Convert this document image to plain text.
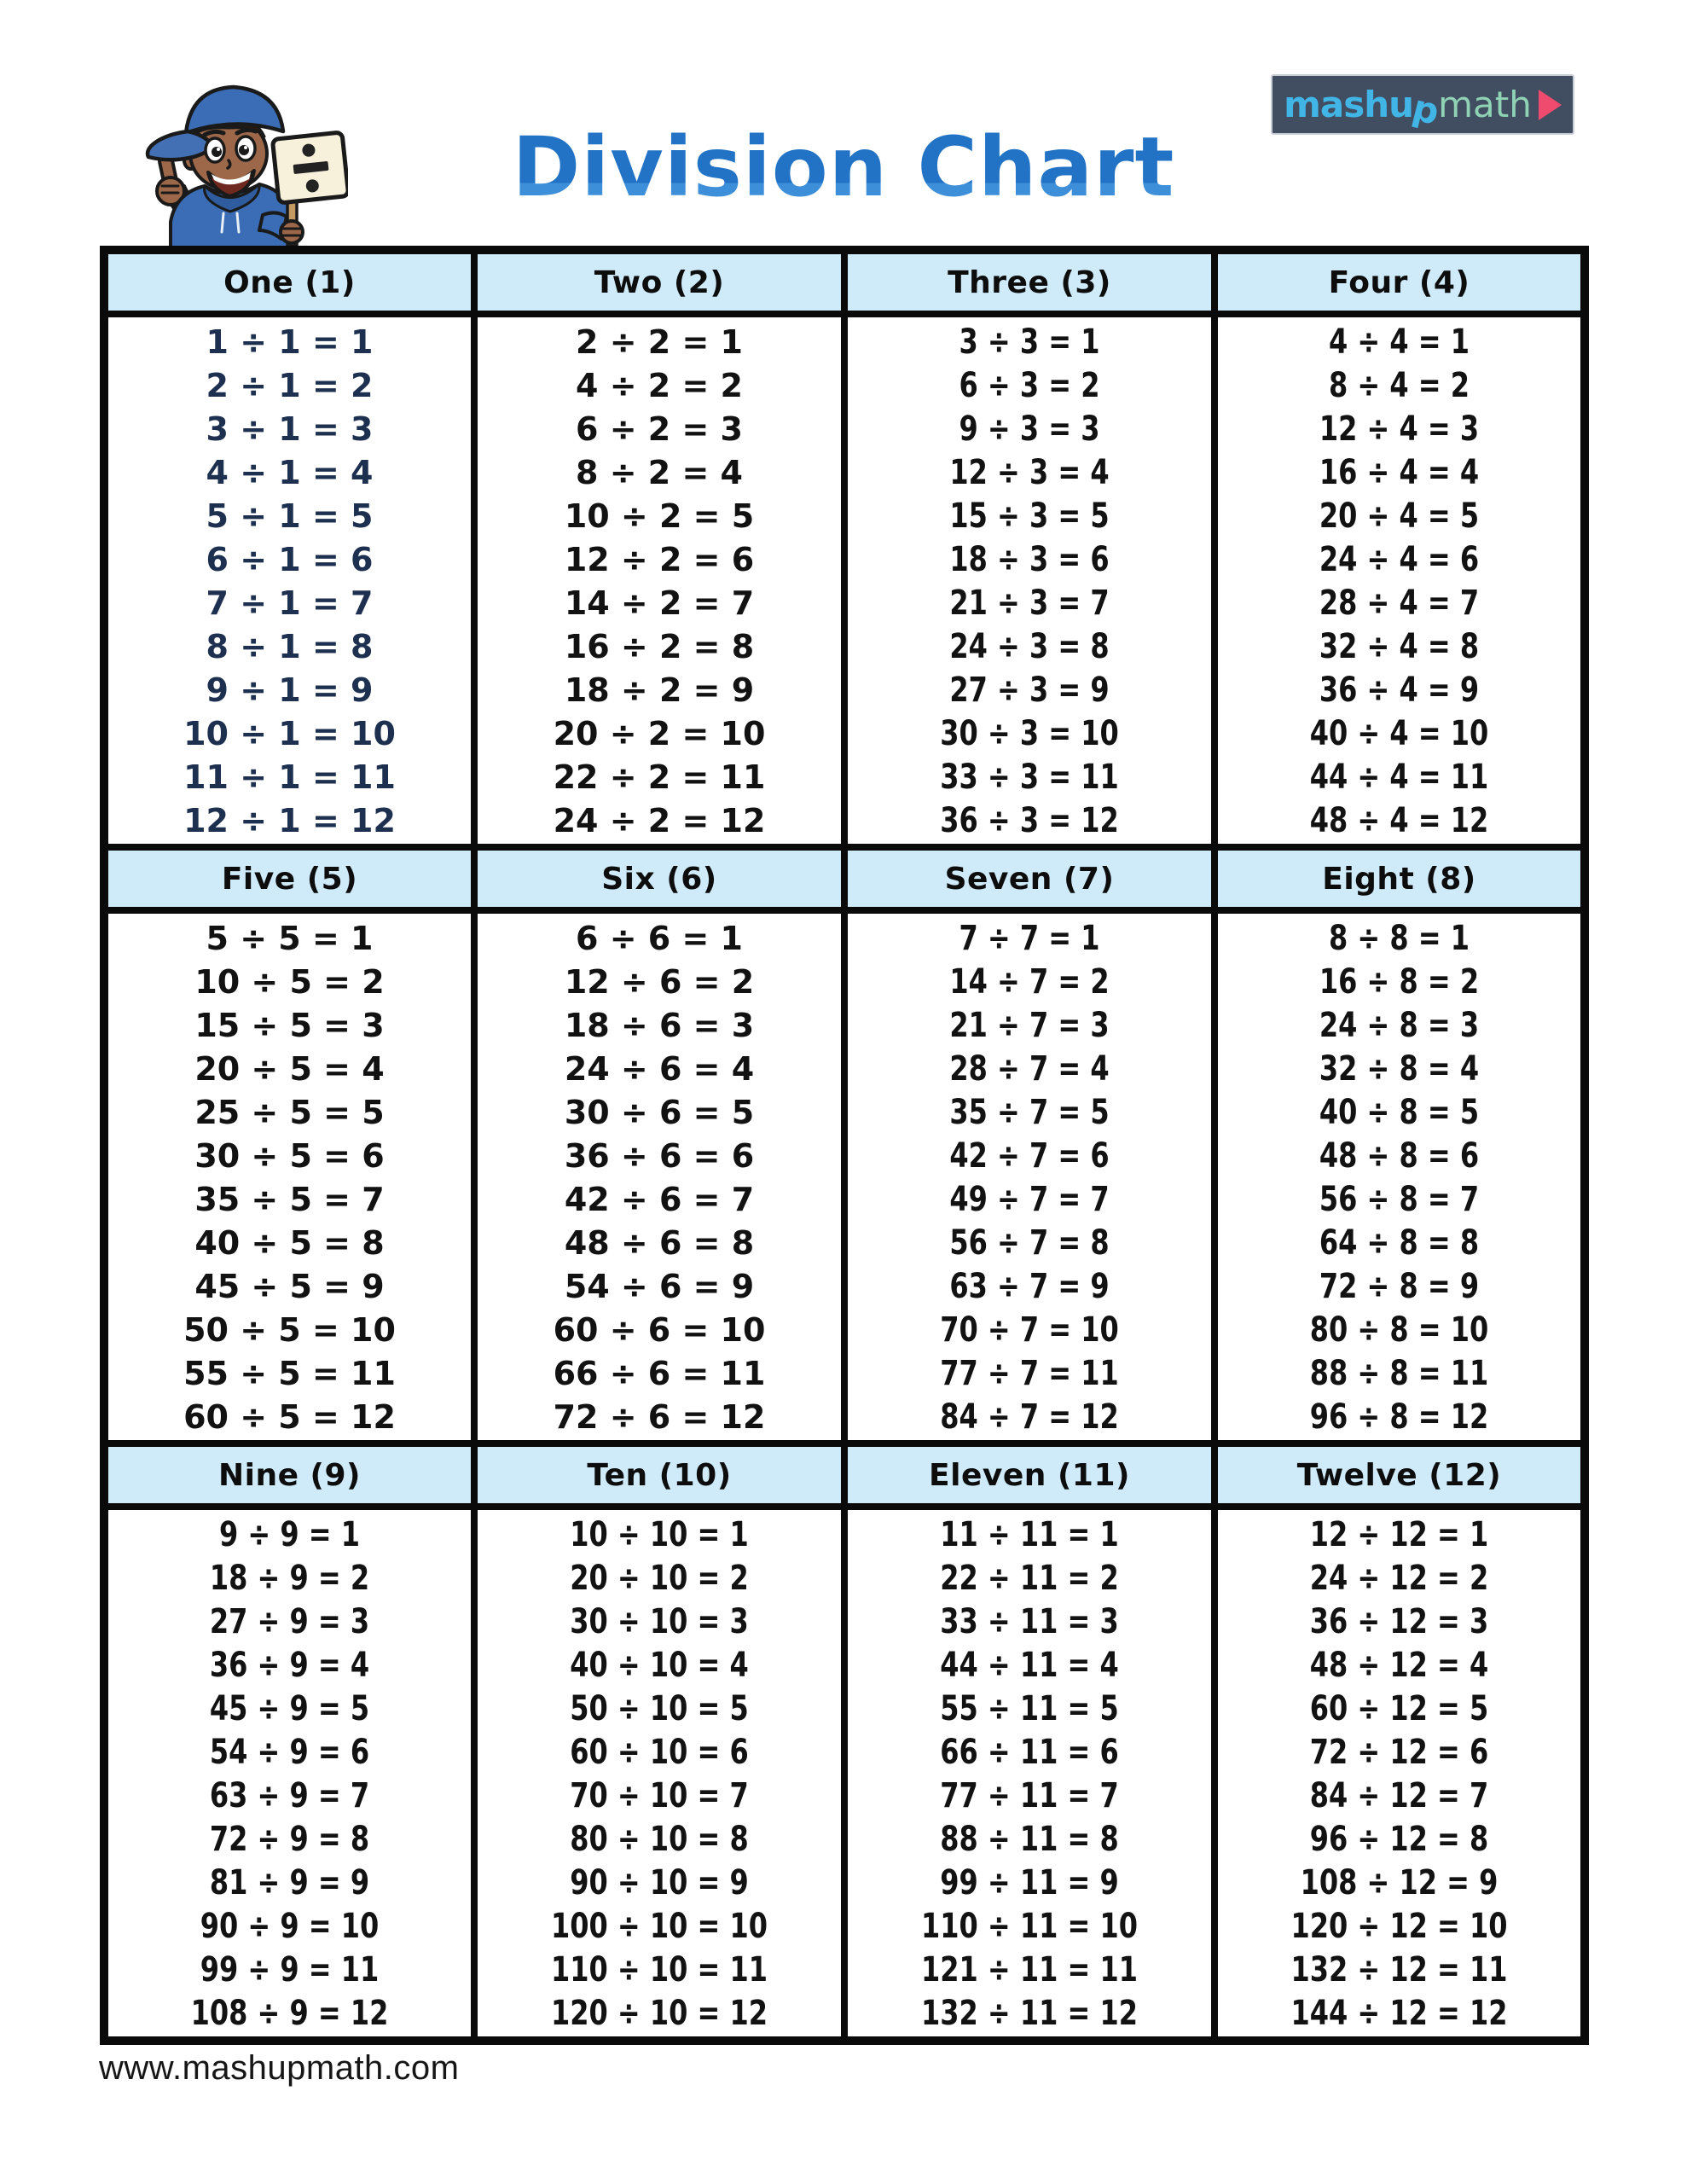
Division Chart
mashup
math
One (1)	Two (2)	Three (3)	Four (4)

1 ÷ 1 = 1
2 ÷ 1 = 2
3 ÷ 1 = 3
4 ÷ 1 = 4
5 ÷ 1 = 5
6 ÷ 1 = 6
7 ÷ 1 = 7
8 ÷ 1 = 8
9 ÷ 1 = 9
10 ÷ 1 = 10
11 ÷ 1 = 11
12 ÷ 1 = 12

2 ÷ 2 = 1
4 ÷ 2 = 2
6 ÷ 2 = 3
8 ÷ 2 = 4
10 ÷ 2 = 5
12 ÷ 2 = 6
14 ÷ 2 = 7
16 ÷ 2 = 8
18 ÷ 2 = 9
20 ÷ 2 = 10
22 ÷ 2 = 11
24 ÷ 2 = 12

3 ÷ 3 = 1
6 ÷ 3 = 2
9 ÷ 3 = 3
12 ÷ 3 = 4
15 ÷ 3 = 5
18 ÷ 3 = 6
21 ÷ 3 = 7
24 ÷ 3 = 8
27 ÷ 3 = 9
30 ÷ 3 = 10
33 ÷ 3 = 11
36 ÷ 3 = 12

4 ÷ 4 = 1
8 ÷ 4 = 2
12 ÷ 4 = 3
16 ÷ 4 = 4
20 ÷ 4 = 5
24 ÷ 4 = 6
28 ÷ 4 = 7
32 ÷ 4 = 8
36 ÷ 4 = 9
40 ÷ 4 = 10
44 ÷ 4 = 11
48 ÷ 4 = 12

Five (5)	Six (6)	Seven (7)	Eight (8)

5 ÷ 5 = 1
10 ÷ 5 = 2
15 ÷ 5 = 3
20 ÷ 5 = 4
25 ÷ 5 = 5
30 ÷ 5 = 6
35 ÷ 5 = 7
40 ÷ 5 = 8
45 ÷ 5 = 9
50 ÷ 5 = 10
55 ÷ 5 = 11
60 ÷ 5 = 12

6 ÷ 6 = 1
12 ÷ 6 = 2
18 ÷ 6 = 3
24 ÷ 6 = 4
30 ÷ 6 = 5
36 ÷ 6 = 6
42 ÷ 6 = 7
48 ÷ 6 = 8
54 ÷ 6 = 9
60 ÷ 6 = 10
66 ÷ 6 = 11
72 ÷ 6 = 12

7 ÷ 7 = 1
14 ÷ 7 = 2
21 ÷ 7 = 3
28 ÷ 7 = 4
35 ÷ 7 = 5
42 ÷ 7 = 6
49 ÷ 7 = 7
56 ÷ 7 = 8
63 ÷ 7 = 9
70 ÷ 7 = 10
77 ÷ 7 = 11
84 ÷ 7 = 12

8 ÷ 8 = 1
16 ÷ 8 = 2
24 ÷ 8 = 3
32 ÷ 8 = 4
40 ÷ 8 = 5
48 ÷ 8 = 6
56 ÷ 8 = 7
64 ÷ 8 = 8
72 ÷ 8 = 9
80 ÷ 8 = 10
88 ÷ 8 = 11
96 ÷ 8 = 12

Nine (9)	Ten (10)	Eleven (11)	Twelve (12)

9 ÷ 9 = 1
18 ÷ 9 = 2
27 ÷ 9 = 3
36 ÷ 9 = 4
45 ÷ 9 = 5
54 ÷ 9 = 6
63 ÷ 9 = 7
72 ÷ 9 = 8
81 ÷ 9 = 9
90 ÷ 9 = 10
99 ÷ 9 = 11
108 ÷ 9 = 12

10 ÷ 10 = 1
20 ÷ 10 = 2
30 ÷ 10 = 3
40 ÷ 10 = 4
50 ÷ 10 = 5
60 ÷ 10 = 6
70 ÷ 10 = 7
80 ÷ 10 = 8
90 ÷ 10 = 9
100 ÷ 10 = 10
110 ÷ 10 = 11
120 ÷ 10 = 12

11 ÷ 11 = 1
22 ÷ 11 = 2
33 ÷ 11 = 3
44 ÷ 11 = 4
55 ÷ 11 = 5
66 ÷ 11 = 6
77 ÷ 11 = 7
88 ÷ 11 = 8
99 ÷ 11 = 9
110 ÷ 11 = 10
121 ÷ 11 = 11
132 ÷ 11 = 12

12 ÷ 12 = 1
24 ÷ 12 = 2
36 ÷ 12 = 3
48 ÷ 12 = 4
60 ÷ 12 = 5
72 ÷ 12 = 6
84 ÷ 12 = 7
96 ÷ 12 = 8
108 ÷ 12 = 9
120 ÷ 12 = 10
132 ÷ 12 = 11
144 ÷ 12 = 12
www.mashupmath.com
